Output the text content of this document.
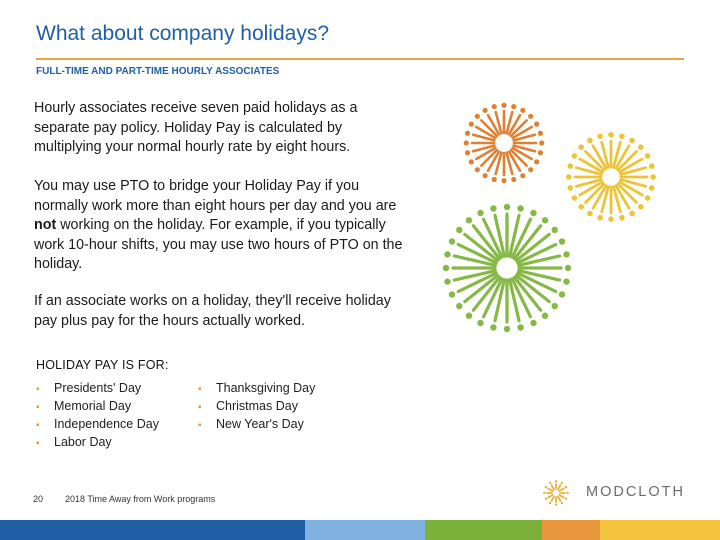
What about company holidays?
FULL-TIME AND PART-TIME HOURLY ASSOCIATES
Hourly associates receive seven paid holidays as a separate pay policy. Holiday Pay is calculated by multiplying your normal hourly rate by eight hours.
You may use PTO to bridge your Holiday Pay if you normally work more than eight hours per day and you are not working on the holiday. For example, if you typically work 10-hour shifts, you may use two hours of PTO on the holiday.
If an associate works on a holiday, they'll receive holiday pay plus pay for the hours actually worked.
HOLIDAY PAY IS FOR:
▪ Presidents' Day
▪ Memorial Day
▪ Independence Day
▪ Labor Day
▪ Thanksgiving Day
▪ Christmas Day
▪ New Year's Day
20 2018 Time Away from Work programs	MODCLOTH
